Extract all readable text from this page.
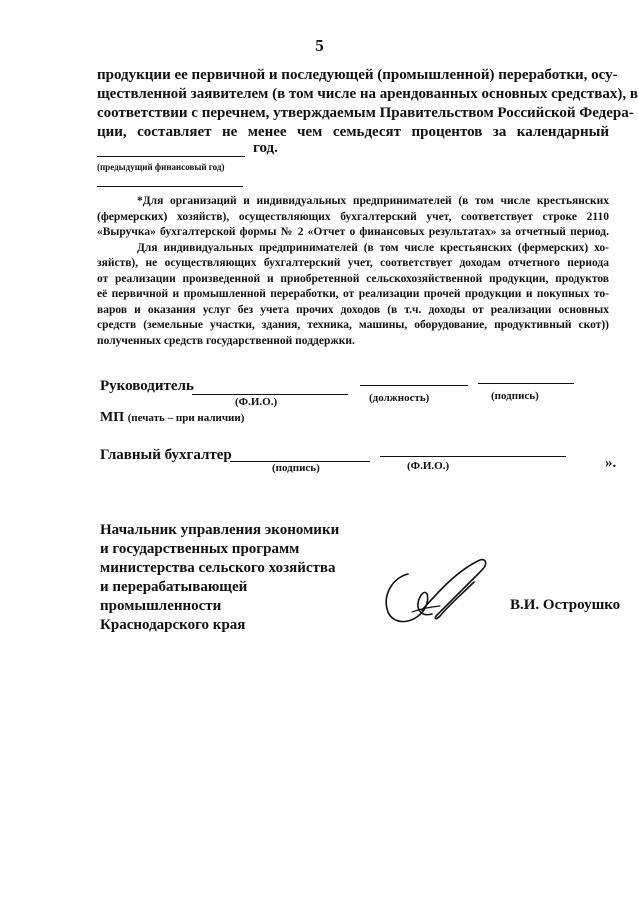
5
продукции ее первичной и последующей (промышленной) переработки, осу-
ществленной заявителем (в том числе на арендованных основных средствах), в
соответствии с перечнем, утверждаемым Правительством Российской Федера-
ции, составляет не менее чем семьдесят процентов за календарный
год.
(предыдущий финансовый год)
*Для организаций и индивидуальных предпринимателей (в том числе крестьянских
(фермерских) хозяйств), осуществляющих бухгалтерский учет, соответствует строке 2110
«Выручка» бухгалтерской формы № 2 «Отчет о финансовых результатах» за отчетный период.
Для индивидуальных предпринимателей (в том числе крестьянских (фермерских) хо-
зяйств), не осуществляющих бухгалтерский учет, соответствует доходам отчетного периода
от реализации произведенной и приобретенной сельскохозяйственной продукции, продуктов
её первичной и промышленной переработки, от реализации прочей продукции и покупных то-
варов и оказания услуг без учета прочих доходов (в т.ч. доходы от реализации основных
средств (земельные участки, здания, техника, машины, оборудование, продуктивный скот))
полученных средств государственной поддержки.
Руководитель
(Ф.И.О.)	(должность)	(подпись)
МП (печать – при наличии)
Главный бухгалтер
(подпись)	(Ф.И.О.)	».
Начальник управления экономики
и государственных программ
министерства сельского хозяйства
и перерабатывающей
промышленности
Краснодарского края
В.И. Остроушко
